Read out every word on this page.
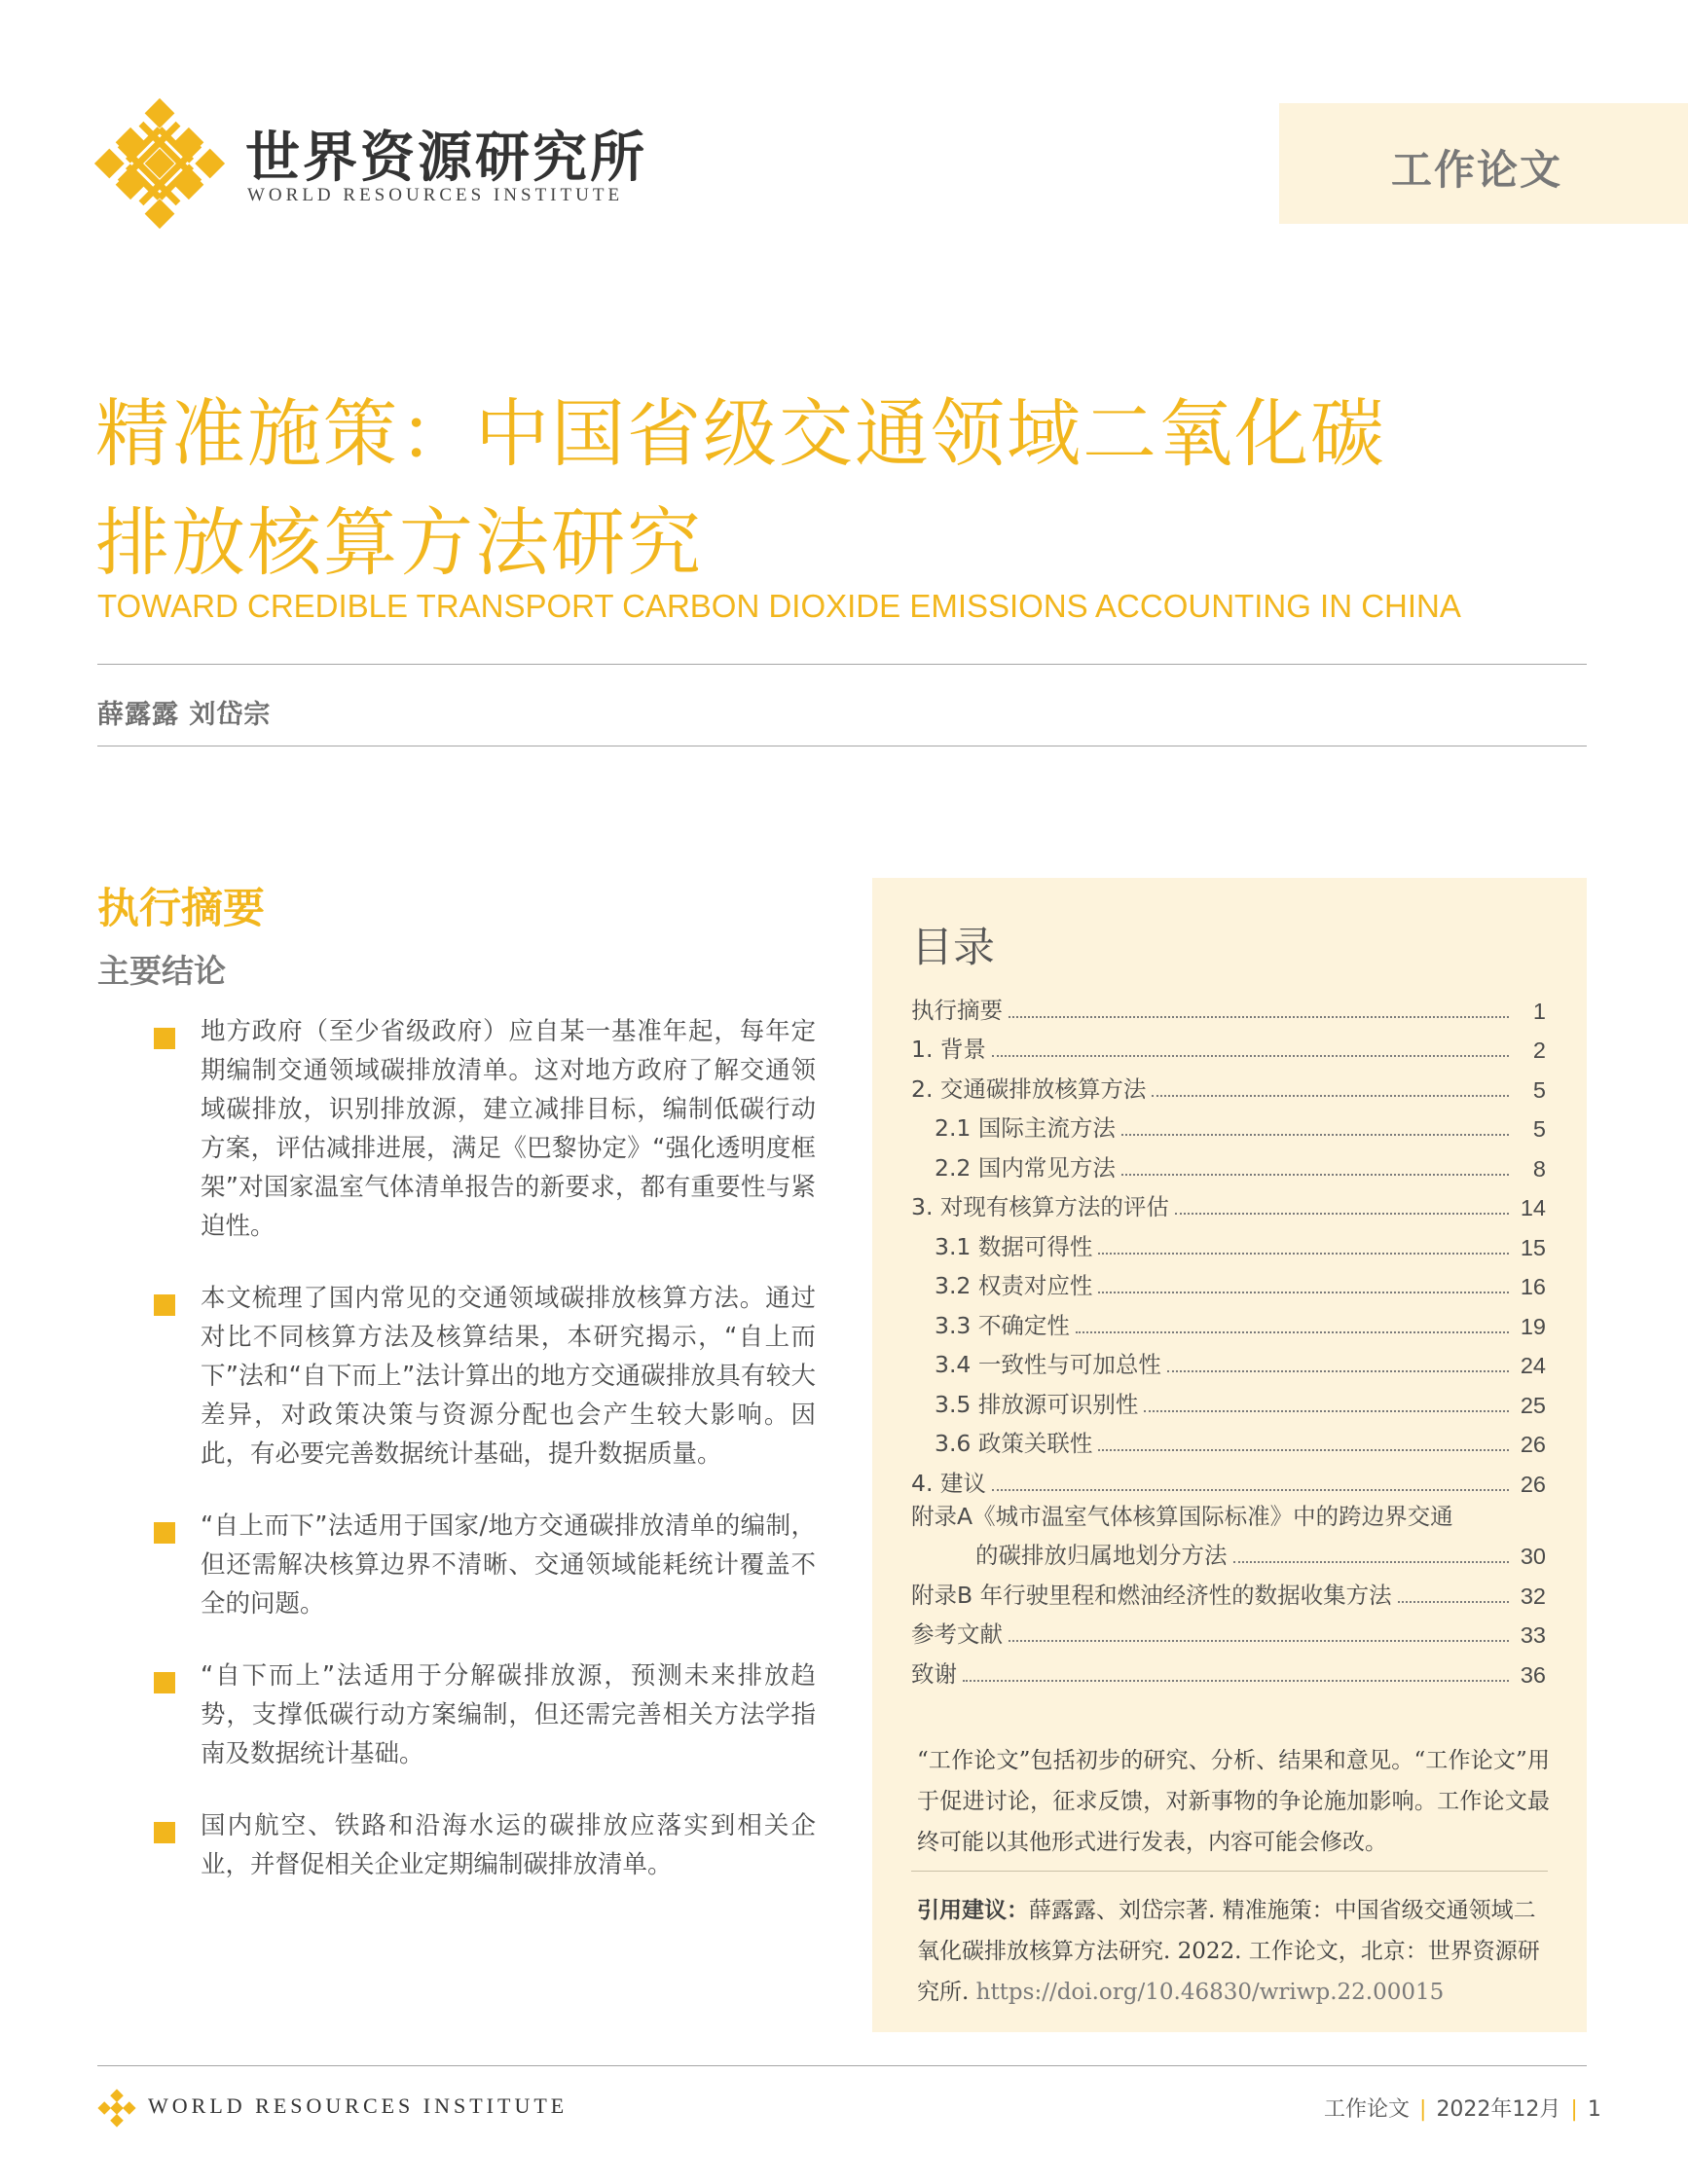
世界资源研究所
WORLD RESOURCES INSTITUTE
工作论文
精准施策：中国省级交通领域二氧化碳
排放核算方法研究
TOWARD CREDIBLE TRANSPORT CARBON DIOXIDE EMISSIONS ACCOUNTING IN CHINA
薛露露 刘岱宗
执行摘要
主要结论
地方政府（至少省级政府）应自某一基准年起，每年定期编制交通领域碳排放清单。这对地方政府了解交通领域碳排放，识别排放源，建立减排目标，编制低碳行动方案，评估减排进展，满足《巴黎协定》“强化透明度框架”对国家温室气体清单报告的新要求，都有重要性与紧迫性。
本文梳理了国内常见的交通领域碳排放核算方法。通过对比不同核算方法及核算结果，本研究揭示，“自上而下”法和“自下而上”法计算出的地方交通碳排放具有较大差异，对政策决策与资源分配也会产生较大影响。因此，有必要完善数据统计基础，提升数据质量。
“自上而下”法适用于国家/地方交通碳排放清单的编制，但还需解决核算边界不清晰、交通领域能耗统计覆盖不全的问题。
“自下而上”法适用于分解碳排放源，预测未来排放趋势，支撑低碳行动方案编制，但还需完善相关方法学指南及数据统计基础。
国内航空、铁路和沿海水运的碳排放应落实到相关企业，并督促相关企业定期编制碳排放清单。
目录
执行摘要	1
1. 背景	2
2. 交通碳排放核算方法	5
2.1 国际主流方法	5
2.2 国内常见方法	8
3. 对现有核算方法的评估	14
3.1 数据可得性	15
3.2 权责对应性	16
3.3 不确定性	19
3.4 一致性与可加总性	24
3.5 排放源可识别性	25
3.6 政策关联性	26
4. 建议	26
附录A《城市温室气体核算国际标准》中的跨边界交通
的碳排放归属地划分方法	30
附录B 年行驶里程和燃油经济性的数据收集方法	32
参考文献	33
致谢	36
“工作论文”包括初步的研究、分析、结果和意见。“工作论文”用于促进讨论，征求反馈，对新事物的争论施加影响。工作论文最终可能以其他形式进行发表，内容可能会修改。
引用建议：薛露露、刘岱宗著. 精准施策：中国省级交通领域二氧化碳排放核算方法研究. 2022. 工作论文，北京：世界资源研究所. https://doi.org/10.46830/wriwp.22.00015
WORLD RESOURCES INSTITUTE	工作论文 | 2022年12月 | 1
